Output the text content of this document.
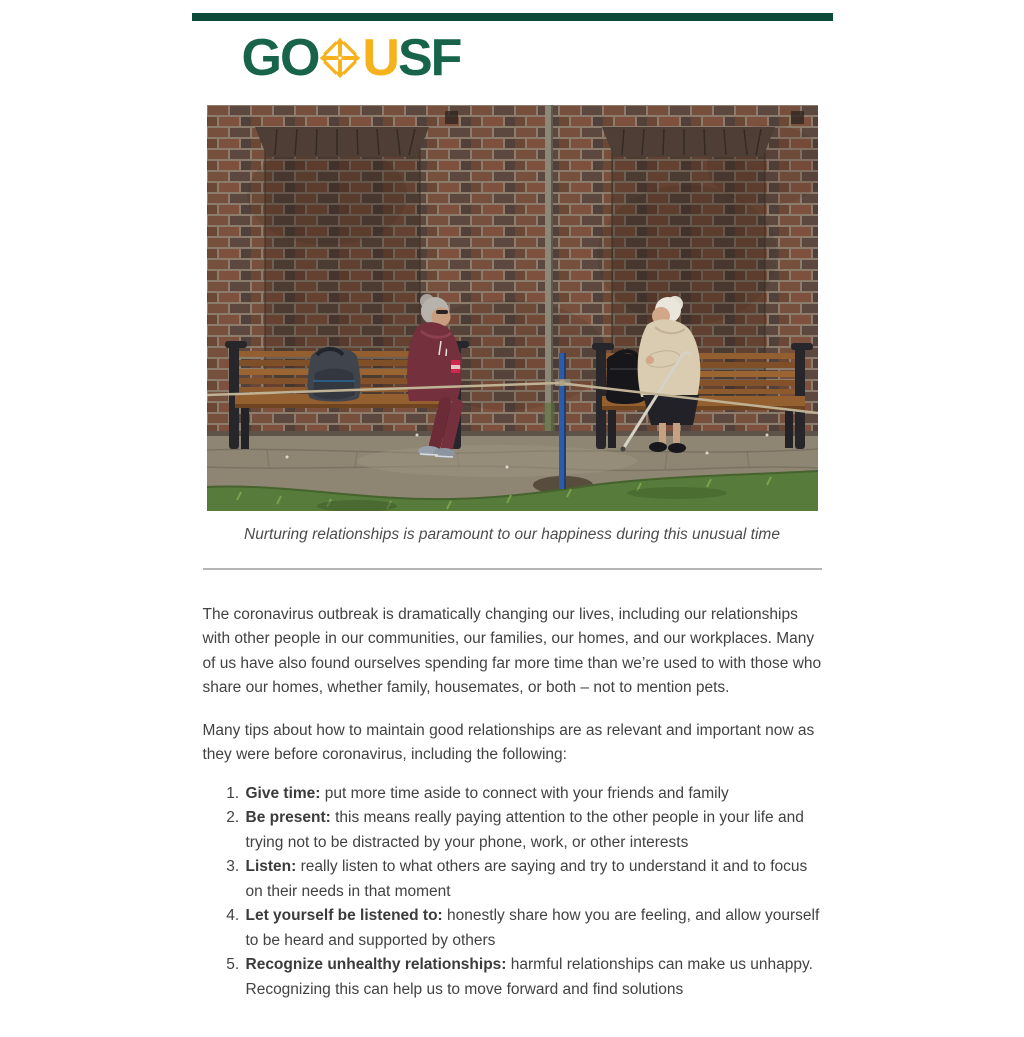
GO U SF
Nurturing relationships is paramount to our happiness during this unusual time

The coronavirus outbreak is dramatically changing our lives, including our relationships with other people in our communities, our families, our homes, and our workplaces. Many of us have also found ourselves spending far more time than we’re used to with those who share our homes, whether family, housemates, or both – not to mention pets.

Many tips about how to maintain good relationships are as relevant and important now as they were before coronavirus, including the following:

1. Give time: put more time aside to connect with your friends and family
2. Be present: this means really paying attention to the other people in your life and trying not to be distracted by your phone, work, or other interests
3. Listen: really listen to what others are saying and try to understand it and to focus on their needs in that moment
4. Let yourself be listened to: honestly share how you are feeling, and allow yourself to be heard and supported by others
5. Recognize unhealthy relationships: harmful relationships can make us unhappy. Recognizing this can help us to move forward and find solutions
